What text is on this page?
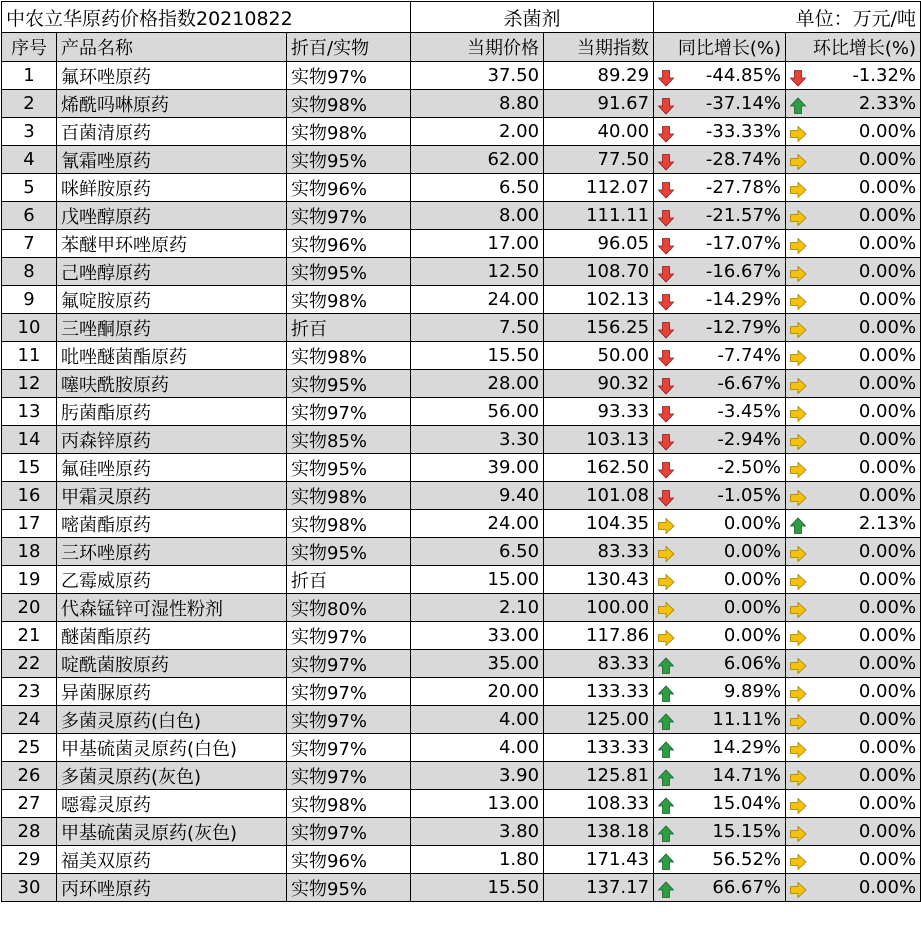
中农立华原药价格指数20210822			杀菌剂		单位：万元/吨	
序号	产品名称	折百/实物	当期价格	当期指数	同比增长(%)	环比增长(%)
1	氟环唑原药	实物97%	37.50	89.29	-44.85%	-1.32%
2	烯酰吗啉原药	实物98%	8.80	91.67	-37.14%	2.33%
3	百菌清原药	实物98%	2.00	40.00	-33.33%	0.00%
4	氰霜唑原药	实物95%	62.00	77.50	-28.74%	0.00%
5	咪鲜胺原药	实物96%	6.50	112.07	-27.78%	0.00%
6	戊唑醇原药	实物97%	8.00	111.11	-21.57%	0.00%
7	苯醚甲环唑原药	实物96%	17.00	96.05	-17.07%	0.00%
8	己唑醇原药	实物95%	12.50	108.70	-16.67%	0.00%
9	氟啶胺原药	实物98%	24.00	102.13	-14.29%	0.00%
10	三唑酮原药	折百	7.50	156.25	-12.79%	0.00%
11	吡唑醚菌酯原药	实物98%	15.50	50.00	-7.74%	0.00%
12	噻呋酰胺原药	实物95%	28.00	90.32	-6.67%	0.00%
13	肟菌酯原药	实物97%	56.00	93.33	-3.45%	0.00%
14	丙森锌原药	实物85%	3.30	103.13	-2.94%	0.00%
15	氟硅唑原药	实物95%	39.00	162.50	-2.50%	0.00%
16	甲霜灵原药	实物98%	9.40	101.08	-1.05%	0.00%
17	嘧菌酯原药	实物98%	24.00	104.35	0.00%	2.13%
18	三环唑原药	实物95%	6.50	83.33	0.00%	0.00%
19	乙霉威原药	折百	15.00	130.43	0.00%	0.00%
20	代森锰锌可湿性粉剂	实物80%	2.10	100.00	0.00%	0.00%
21	醚菌酯原药	实物97%	33.00	117.86	0.00%	0.00%
22	啶酰菌胺原药	实物97%	35.00	83.33	6.06%	0.00%
23	异菌脲原药	实物97%	20.00	133.33	9.89%	0.00%
24	多菌灵原药(白色)	实物97%	4.00	125.00	11.11%	0.00%
25	甲基硫菌灵原药(白色)	实物97%	4.00	133.33	14.29%	0.00%
26	多菌灵原药(灰色)	实物97%	3.90	125.81	14.71%	0.00%
27	噁霉灵原药	实物98%	13.00	108.33	15.04%	0.00%
28	甲基硫菌灵原药(灰色)	实物97%	3.80	138.18	15.15%	0.00%
29	福美双原药	实物96%	1.80	171.43	56.52%	0.00%
30	丙环唑原药	实物95%	15.50	137.17	66.67%	0.00%
